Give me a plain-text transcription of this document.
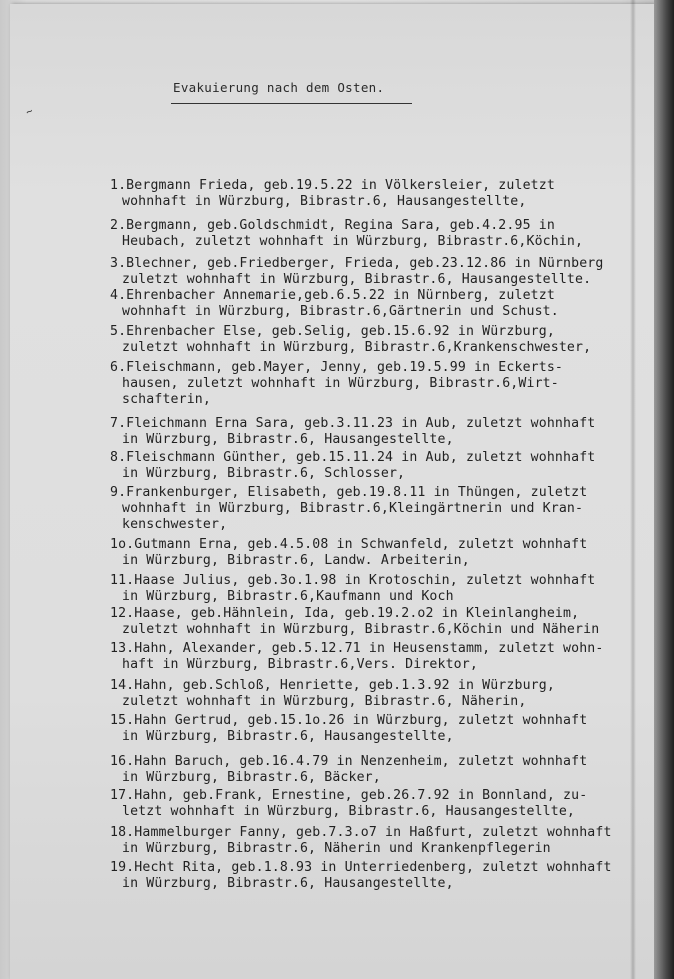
~
Evakuierung nach dem Osten.
1.Bergmann Frieda, geb.19.5.22 in Völkersleier, zuletzt
wohnhaft in Würzburg, Bibrastr.6, Hausangestellte,
2.Bergmann, geb.Goldschmidt, Regina Sara, geb.4.2.95 in
Heubach, zuletzt wohnhaft in Würzburg, Bibrastr.6,Köchin,
3.Blechner, geb.Friedberger, Frieda, geb.23.12.86 in Nürnberg
zuletzt wohnhaft in Würzburg, Bibrastr.6, Hausangestellte.
4.Ehrenbacher Annemarie,geb.6.5.22 in Nürnberg, zuletzt
wohnhaft in Würzburg, Bibrastr.6,Gärtnerin und Schust.
5.Ehrenbacher Else, geb.Selig, geb.15.6.92 in Würzburg,
zuletzt wohnhaft in Würzburg, Bibrastr.6,Krankenschwester,
6.Fleischmann, geb.Mayer, Jenny, geb.19.5.99 in Eckerts-
hausen, zuletzt wohnhaft in Würzburg, Bibrastr.6,Wirt-
schafterin,
7.Fleichmann Erna Sara, geb.3.11.23 in Aub, zuletzt wohnhaft
in Würzburg, Bibrastr.6, Hausangestellte,
8.Fleischmann Günther, geb.15.11.24 in Aub, zuletzt wohnhaft
in Würzburg, Bibrastr.6, Schlosser,
9.Frankenburger, Elisabeth, geb.19.8.11 in Thüngen, zuletzt
wohnhaft in Würzburg, Bibrastr.6,Kleingärtnerin und Kran-
kenschwester,
1o.Gutmann Erna, geb.4.5.08 in Schwanfeld, zuletzt wohnhaft
in Würzburg, Bibrastr.6, Landw. Arbeiterin,
11.Haase Julius, geb.3o.1.98 in Krotoschin, zuletzt wohnhaft
in Würzburg, Bibrastr.6,Kaufmann und Koch
12.Haase, geb.Hähnlein, Ida, geb.19.2.o2 in Kleinlangheim,
zuletzt wohnhaft in Würzburg, Bibrastr.6,Köchin und Näherin
13.Hahn, Alexander, geb.5.12.71 in Heusenstamm, zuletzt wohn-
haft in Würzburg, Bibrastr.6,Vers. Direktor,
14.Hahn, geb.Schloß, Henriette, geb.1.3.92 in Würzburg,
zuletzt wohnhaft in Würzburg, Bibrastr.6, Näherin,
15.Hahn Gertrud, geb.15.1o.26 in Würzburg, zuletzt wohnhaft
in Würzburg, Bibrastr.6, Hausangestellte,
16.Hahn Baruch, geb.16.4.79 in Nenzenheim, zuletzt wohnhaft
in Würzburg, Bibrastr.6, Bäcker,
17.Hahn, geb.Frank, Ernestine, geb.26.7.92 in Bonnland, zu-
letzt wohnhaft in Würzburg, Bibrastr.6, Hausangestellte,
18.Hammelburger Fanny, geb.7.3.o7 in Haßfurt, zuletzt wohnhaft
in Würzburg, Bibrastr.6, Näherin und Krankenpflegerin
19.Hecht Rita, geb.1.8.93 in Unterriedenberg, zuletzt wohnhaft
in Würzburg, Bibrastr.6, Hausangestellte,
